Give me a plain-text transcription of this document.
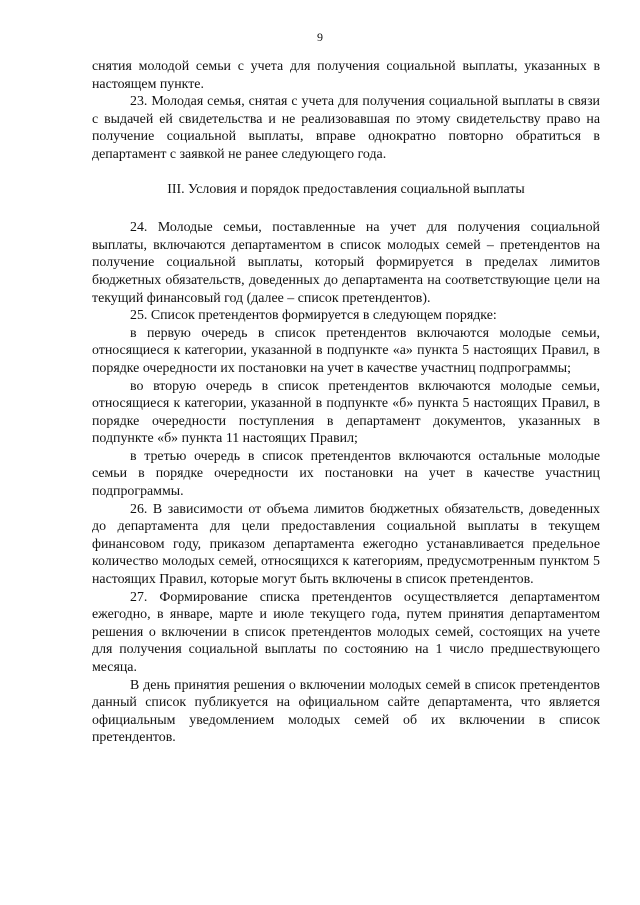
9

снятия молодой семьи с учета для получения социальной выплаты, указанных в настоящем пункте.

23. Молодая семья, снятая с учета для получения социальной выплаты в связи с выдачей ей свидетельства и не реализовавшая по этому свидетельству право на получение социальной выплаты, вправе однократно повторно обратиться в департамент с заявкой не ранее следующего года.

III. Условия и порядок предоставления социальной выплаты

24. Молодые семьи, поставленные на учет для получения социальной выплаты, включаются департаментом в список молодых семей – претендентов на получение социальной выплаты, который формируется в пределах лимитов бюджетных обязательств, доведенных до департамента на соответствующие цели на текущий финансовый год (далее – список претендентов).

25. Список претендентов формируется в следующем порядке:

в первую очередь в список претендентов включаются молодые семьи, относящиеся к категории, указанной в подпункте «а» пункта 5 настоящих Правил, в порядке очередности их постановки на учет в качестве участниц подпрограммы;

во вторую очередь в список претендентов включаются молодые семьи, относящиеся к категории, указанной в подпункте «б» пункта 5 настоящих Правил, в порядке очередности поступления в департамент документов, указанных в подпункте «б» пункта 11 настоящих Правил;

в третью очередь в список претендентов включаются остальные молодые семьи в порядке очередности их постановки на учет в качестве участниц подпрограммы.

26. В зависимости от объема лимитов бюджетных обязательств, доведенных до департамента для цели предоставления социальной выплаты в текущем финансовом году, приказом департамента ежегодно устанавливается предельное количество молодых семей, относящихся к категориям, предусмотренным пунктом 5 настоящих Правил, которые могут быть включены в список претендентов.

27. Формирование списка претендентов осуществляется департаментом ежегодно, в январе, марте и июле текущего года, путем принятия департаментом решения о включении в список претендентов молодых семей, состоящих на учете для получения социальной выплаты по состоянию на 1 число предшествующего месяца.

В день принятия решения о включении молодых семей в список претендентов данный список публикуется на официальном сайте департамента, что является официальным уведомлением молодых семей об их включении в список претендентов.
